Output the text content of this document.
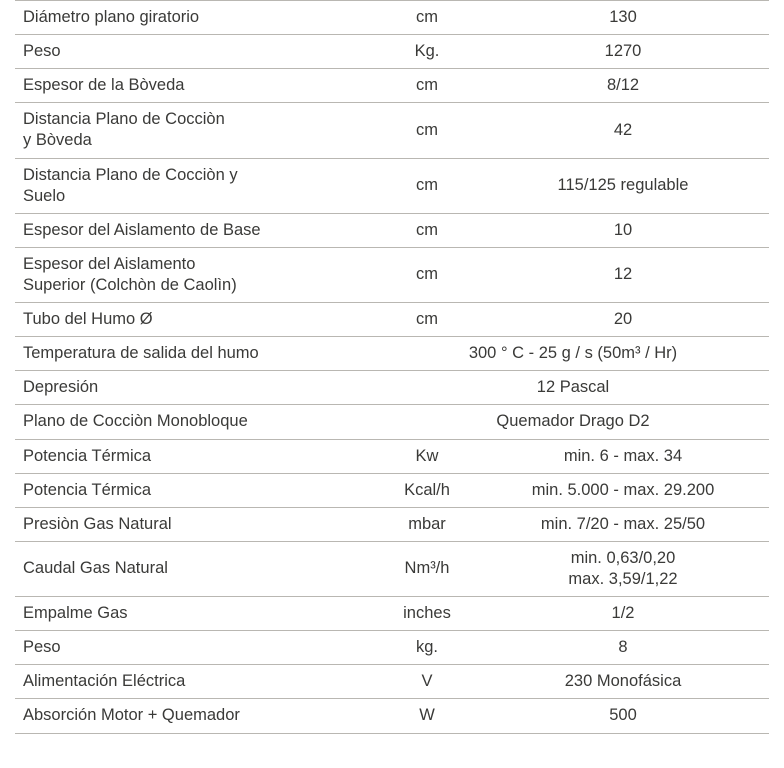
Diámetro plano giratorio	cm	130
Peso	Kg.	1270
Espesor de la Bòveda	cm	8/12
Distancia Plano de Cocciòn
y Bòveda	cm	42
Distancia Plano de Cocciòn y
Suelo	cm	115/125 regulable
Espesor del Aislamento de Base	cm	10
Espesor del Aislamento
Superior (Colchòn de Caolìn)	cm	12
Tubo del Humo Ø	cm	20
Temperatura de salida del humo	300 ° C - 25 g / s (50m³ / Hr)	
Depresión	12 Pascal	
Plano de Cocciòn Monobloque	Quemador Drago D2	
Potencia Térmica	Kw	min. 6 - max. 34
Potencia Térmica	Kcal/h	min. 5.000 - max. 29.200
Presiòn Gas Natural	mbar	min. 7/20 - max. 25/50
Caudal Gas Natural	Nm³/h	min. 0,63/0,20
max. 3,59/1,22

Empalme Gas	inches	1/2
Peso	kg.	8
Alimentación Eléctrica	V	230 Monofásica
Absorción Motor + Quemador	W	500
